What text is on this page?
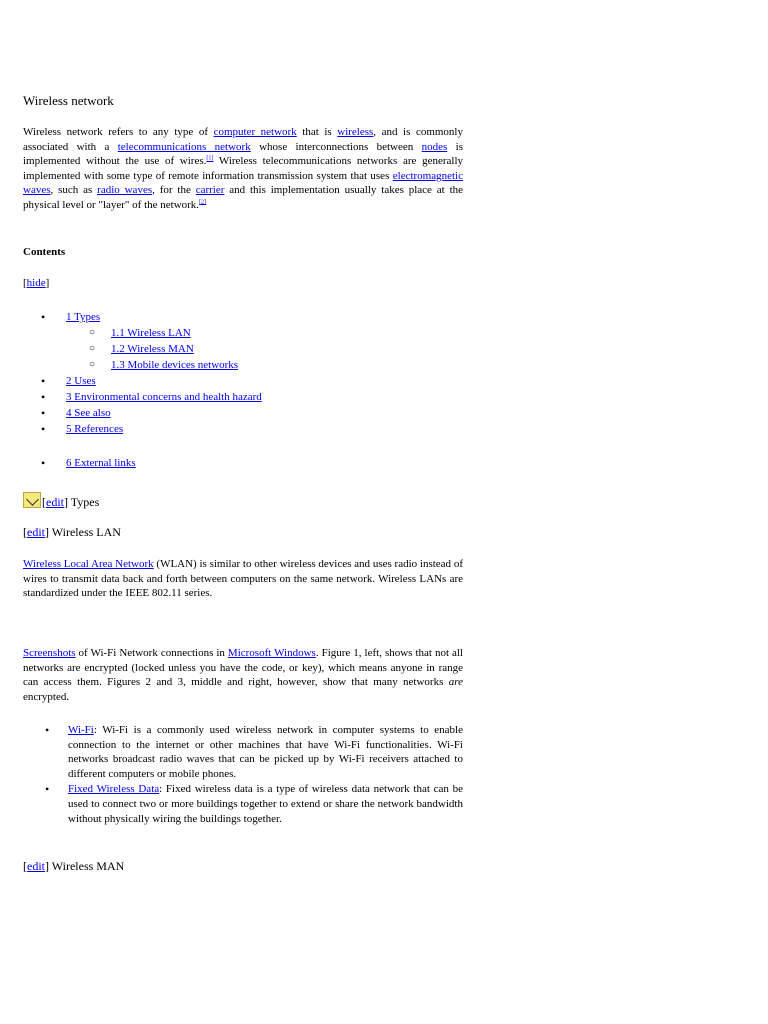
Wireless network

Wireless network refers to any type of computer network that is wireless, and is commonly associated with a telecommunications network whose interconnections between nodes is implemented without the use of wires.[1] Wireless telecommunications networks are generally implemented with some type of remote information transmission system that uses electromagnetic waves, such as radio waves, for the carrier and this implementation usually takes place at the physical level or "layer" of the network.[2]

Contents
[hide]
• 1 Types
○ 1.1 Wireless LAN
○ 1.2 Wireless MAN
○ 1.3 Mobile devices networks
• 2 Uses
• 3 Environmental concerns and health hazard
• 4 See also
• 5 References
• 6 External links
[edit] Types
[edit] Wireless LAN

Wireless Local Area Network (WLAN) is similar to other wireless devices and uses radio instead of wires to transmit data back and forth between computers on the same network. Wireless LANs are standardized under the IEEE 802.11 series.

Screenshots of Wi-Fi Network connections in Microsoft Windows. Figure 1, left, shows that not all networks are encrypted (locked unless you have the code, or key), which means anyone in range can access them. Figures 2 and 3, middle and right, however, show that many networks are encrypted.

• Wi-Fi: Wi-Fi is a commonly used wireless network in computer systems to enable connection to the internet or other machines that have Wi-Fi functionalities. Wi-Fi networks broadcast radio waves that can be picked up by Wi-Fi receivers attached to different computers or mobile phones.
• Fixed Wireless Data: Fixed wireless data is a type of wireless data network that can be used to connect two or more buildings together to extend or share the network bandwidth without physically wiring the buildings together.
[edit] Wireless MAN
